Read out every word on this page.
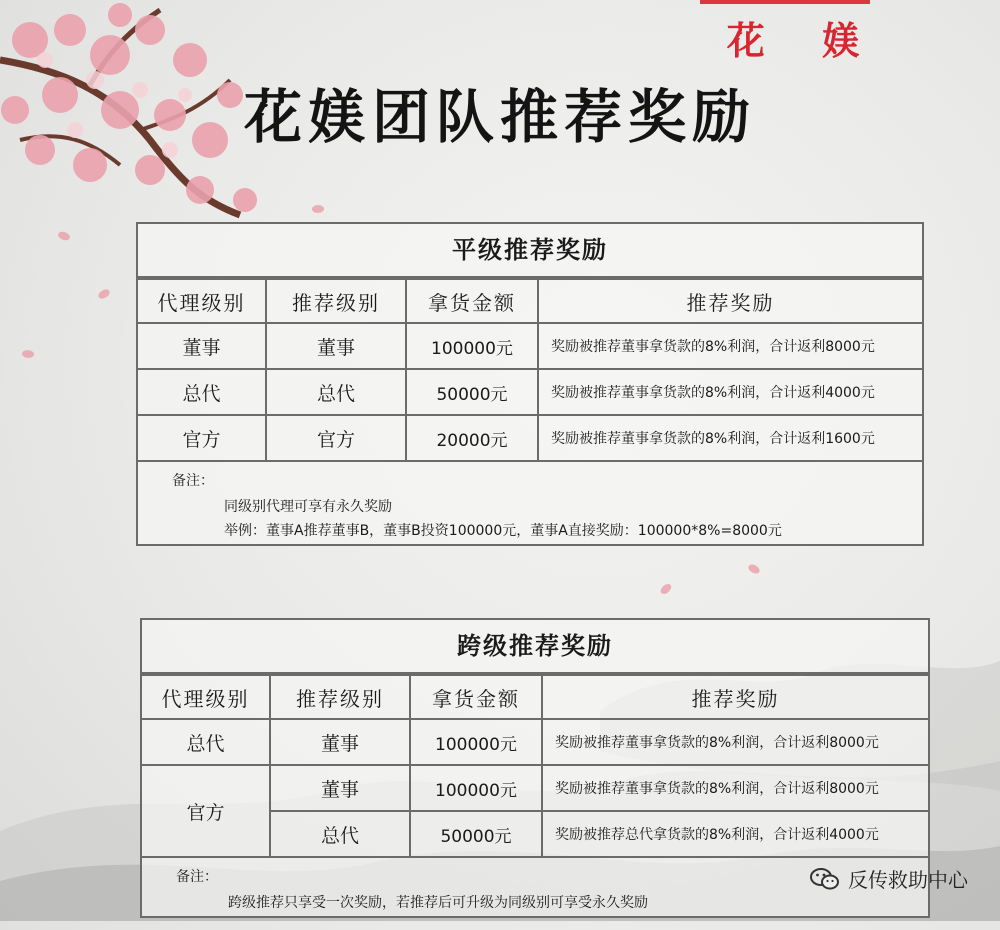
花 媄
花媄团队推荐奖励
平级推荐奖励
代理级别	推荐级别	拿货金额	推荐奖励
董事	董事	100000元	奖励被推荐董事拿货款的8%利润，合计返利8000元
总代	总代	50000元	奖励被推荐董事拿货款的8%利润，合计返利4000元
官方	官方	20000元	奖励被推荐董事拿货款的8%利润，合计返利1600元
备注：
同级别代理可享有永久奖励
举例：董事A推荐董事B，董事B投资100000元，董事A直接奖励：100000*8%=8000元
跨级推荐奖励
代理级别	推荐级别	拿货金额	推荐奖励
总代	董事	100000元	奖励被推荐董事拿货款的8%利润，合计返利8000元
官方	董事	100000元	奖励被推荐董事拿货款的8%利润，合计返利8000元
	总代	50000元	奖励被推荐总代拿货款的8%利润，合计返利4000元
备注：
跨级推荐只享受一次奖励，若推荐后可升级为同级别可享受永久奖励
反传救助中心
